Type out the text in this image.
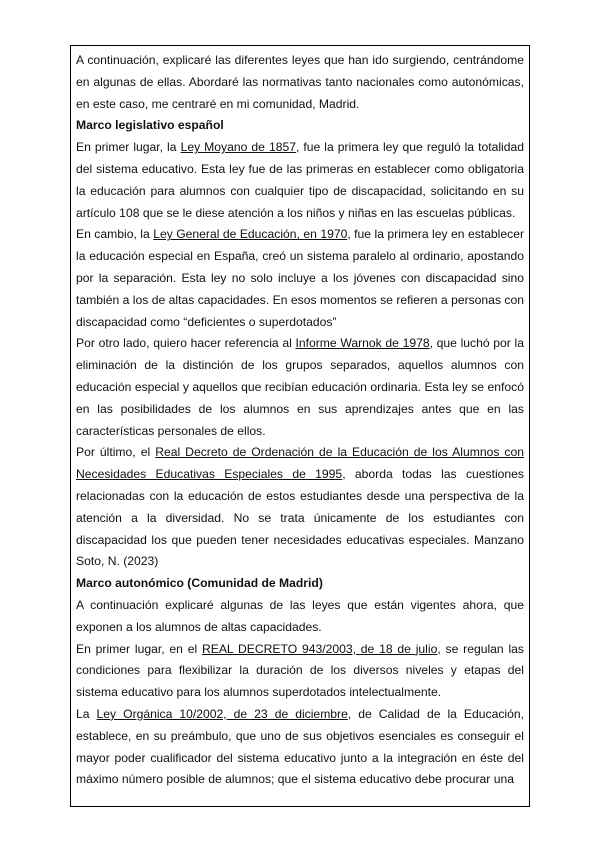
A continuación, explicaré las diferentes leyes que han ido surgiendo, centrándome en algunas de ellas. Abordaré las normativas tanto nacionales como autonómicas, en este caso, me centraré en mi comunidad, Madrid.

Marco legislativo español

En primer lugar, la Ley Moyano de 1857, fue la primera ley que reguló la totalidad del sistema educativo. Esta ley fue de las primeras en establecer como obligatoria la educación para alumnos con cualquier tipo de discapacidad, solicitando en su artículo 108 que se le diese atención a los niños y niñas en las escuelas públicas.

En cambio, la Ley General de Educación, en 1970, fue la primera ley en establecer la educación especial en España, creó un sistema paralelo al ordinario, apostando por la separación. Esta ley no solo incluye a los jóvenes con discapacidad sino también a los de altas capacidades. En esos momentos se refieren a personas con discapacidad como “deficientes o superdotados”

Por otro lado, quiero hacer referencia al Informe Warnok de 1978, que luchó por la eliminación de la distinción de los grupos separados, aquellos alumnos con educación especial y aquellos que recibían educación ordinaria. Esta ley se enfocó en las posibilidades de los alumnos en sus aprendizajes antes que en las características personales de ellos.

Por último, el Real Decreto de Ordenación de la Educación de los Alumnos con Necesidades Educativas Especiales de 1995, aborda todas las cuestiones relacionadas con la educación de estos estudiantes desde una perspectiva de la atención a la diversidad. No se trata únicamente de los estudiantes con discapacidad los que pueden tener necesidades educativas especiales. Manzano Soto, N. (2023)

Marco autonómico (Comunidad de Madrid)

A continuación explicaré algunas de las leyes que están vigentes ahora, que exponen a los alumnos de altas capacidades.

En primer lugar, en el REAL DECRETO 943/2003, de 18 de julio, se regulan las condiciones para flexibilizar la duración de los diversos niveles y etapas del sistema educativo para los alumnos superdotados intelectualmente.

La Ley Orgánica 10/2002, de 23 de diciembre, de Calidad de la Educación, establece, en su preámbulo, que uno de sus objetivos esenciales es conseguir el mayor poder cualificador del sistema educativo junto a la integración en éste del máximo número posible de alumnos; que el sistema educativo debe procurar una
